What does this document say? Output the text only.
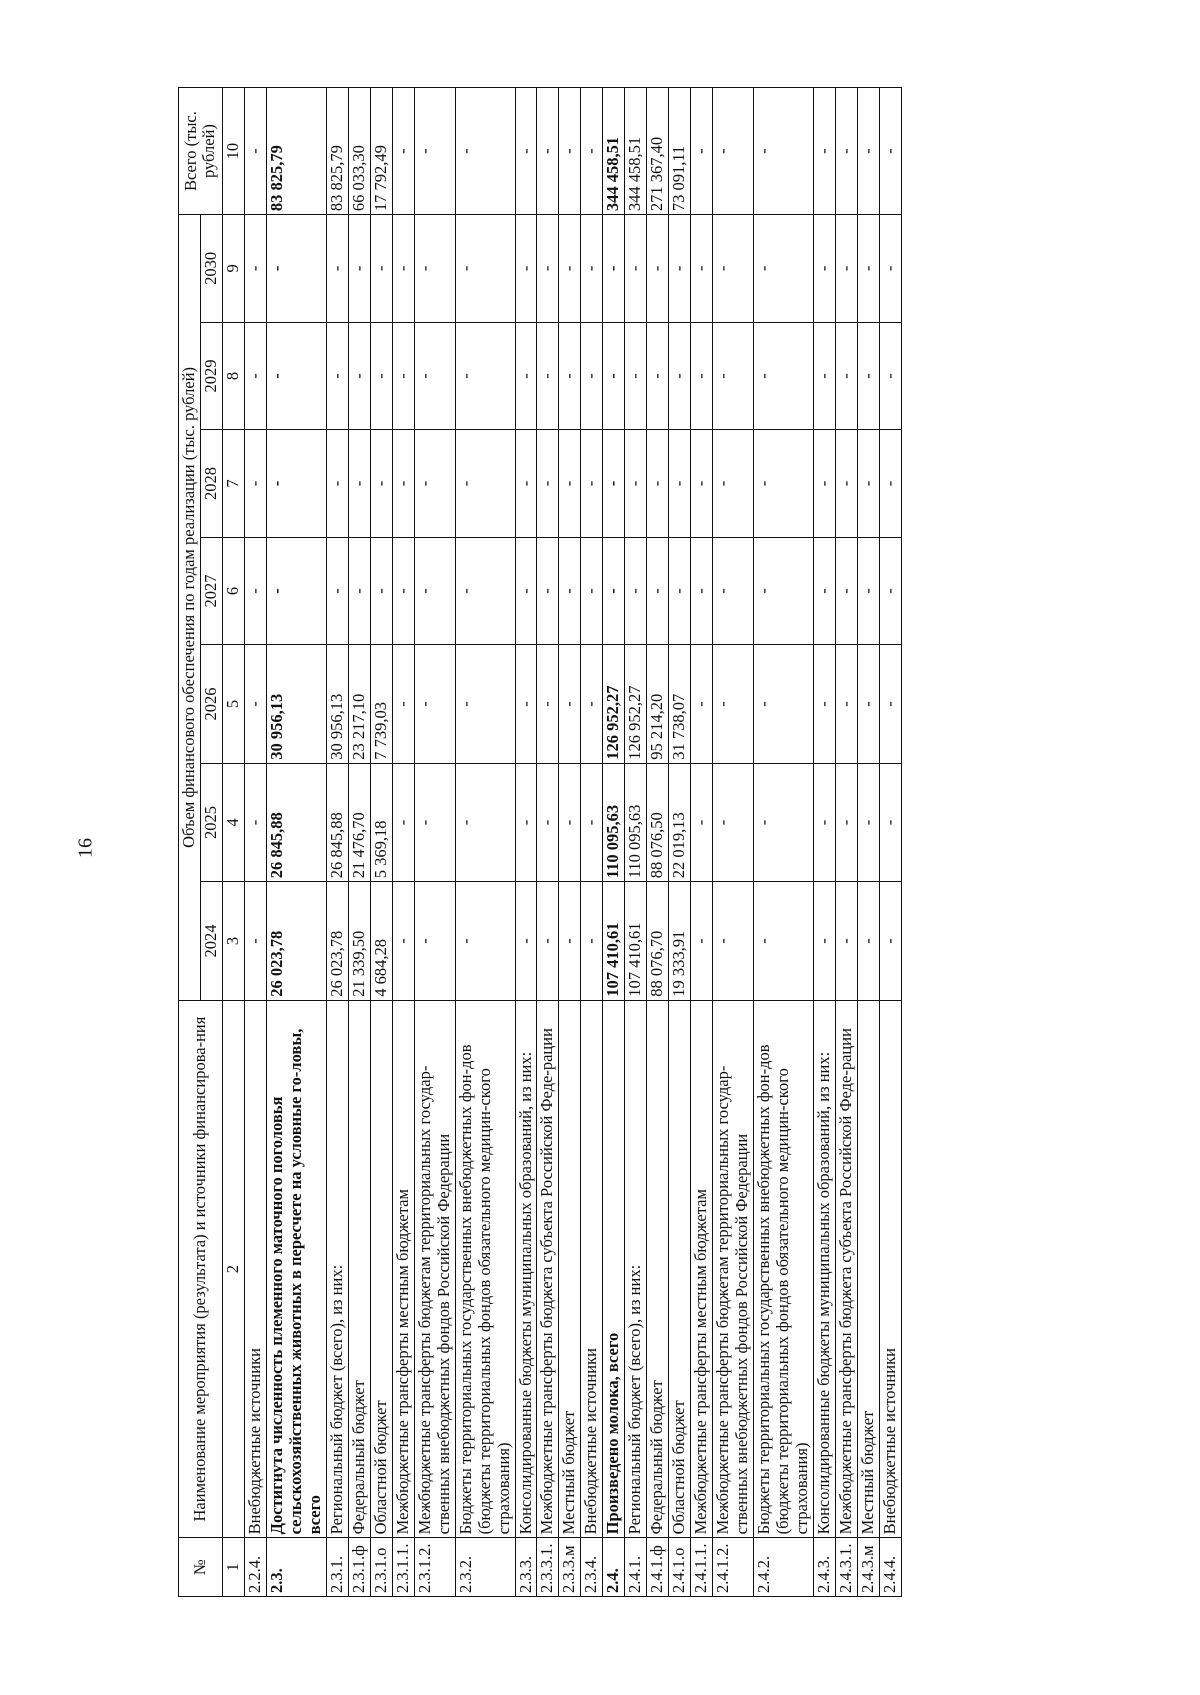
16
№	Наименование мероприятия (результата) и источники финансирова-ния	Объем финансового обеспечения по годам реализации (тыс. рублей)							Всего (тыс. рублей)
		2024	2025	2026	2027	2028	2029	2030	
1	2	3	4	5	6	7	8	9	10
2.2.4.	Внебюджетные источники	-	-	-	-	-	-	-	-
2.3.	Достигнута численность племенного маточного поголовья сельскохозяйственных животных в пересчете на условные го-ловы, всего	26 023,78	26 845,88	30 956,13	-	-	-	-	83 825,79
2.3.1.	Региональный бюджет (всего), из них:	26 023,78	26 845,88	30 956,13	-	-	-	-	83 825,79
2.3.1.ф	Федеральный бюджет	21 339,50	21 476,70	23 217,10	-	-	-	-	66 033,30
2.3.1.о	Областной бюджет	4 684,28	5 369,18	7 739,03	-	-	-	-	17 792,49
2.3.1.1.	Межбюджетные трансферты местным бюджетам	-	-	-	-	-	-	-	-
2.3.1.2.	Межбюджетные трансферты бюджетам территориальных государ-ственных внебюджетных фондов Российской Федерации	-	-	-	-	-	-	-	-
2.3.2.	Бюджеты территориальных государственных внебюджетных фон-дов (бюджеты территориальных фондов обязательного медицин-ского страхования)	-	-	-	-	-	-	-	-
2.3.3.	Консолидированные бюджеты муниципальных образований, из них:	-	-	-	-	-	-	-	-
2.3.3.1.	Межбюджетные трансферты бюджета субъекта Российской Феде-рации	-	-	-	-	-	-	-	-
2.3.3.м	Местный бюджет	-	-	-	-	-	-	-	-
2.3.4.	Внебюджетные источники	-	-	-	-	-	-	-	-
2.4.	Произведено молока, всего	107 410,61	110 095,63	126 952,27	-	-	-	-	344 458,51
2.4.1.	Региональный бюджет (всего), из них:	107 410,61	110 095,63	126 952,27	-	-	-	-	344 458,51
2.4.1.ф	Федеральный бюджет	88 076,70	88 076,50	95 214,20	-	-	-	-	271 367,40
2.4.1.о	Областной бюджет	19 333,91	22 019,13	31 738,07	-	-	-	-	73 091,11
2.4.1.1.	Межбюджетные трансферты местным бюджетам	-	-	-	-	-	-	-	-
2.4.1.2.	Межбюджетные трансферты бюджетам территориальных государ-ственных внебюджетных фондов Российской Федерации	-	-	-	-	-	-	-	-
2.4.2.	Бюджеты территориальных государственных внебюджетных фон-дов (бюджеты территориальных фондов обязательного медицин-ского страхования)	-	-	-	-	-	-	-	-
2.4.3.	Консолидированные бюджеты муниципальных образований, из них:	-	-	-	-	-	-	-	-
2.4.3.1.	Межбюджетные трансферты бюджета субъекта Российской Феде-рации	-	-	-	-	-	-	-	-
2.4.3.м	Местный бюджет	-	-	-	-	-	-	-	-
2.4.4.	Внебюджетные источники	-	-	-	-	-	-	-	-
